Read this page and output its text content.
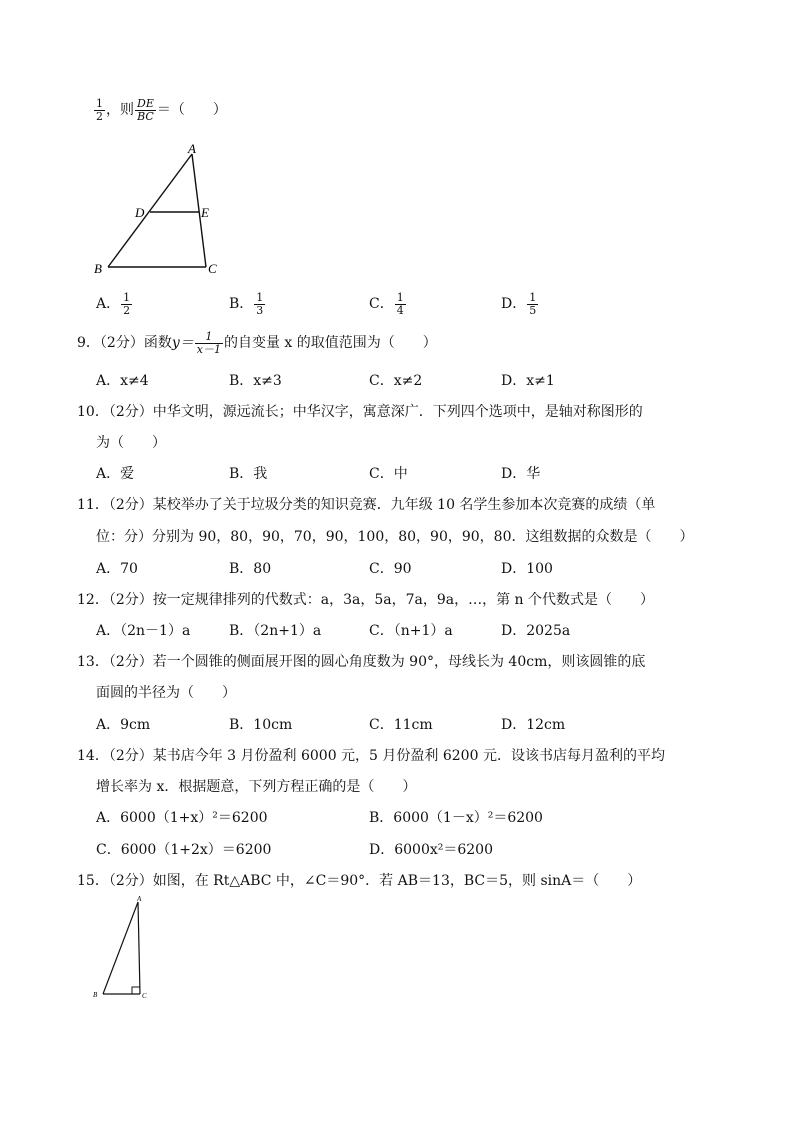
$\frac{1}{2}$ ，则 $\frac{DE}{BC}$ ＝（　　）
A
D	E
B	C
A． $\frac{1}{2}$	B． $\frac{1}{3}$	C． $\frac{1}{4}$	D． $\frac{1}{5}$
9．（2分）函数$y= \frac{1}{x-1}$ 的自变量 x 的取值范围为（　　）
A．x≠4	B．x≠3	C．x≠2	D．x≠1
10．（2分）中华文明，源远流长；中华汉字，寓意深广．下列四个选项中，是轴对称图形的
为（　　）
A．爱	B．我	C．中	D．华
11．（2分）某校举办了关于垃圾分类的知识竞赛．九年级 10 名学生参加本次竞赛的成绩（单
位：分）分别为 90，80，90，70，90，100，80，90，90，80．这组数据的众数是（　　）
A．70	B．80	C．90	D．100
12．（2分）按一定规律排列的代数式：a，3a，5a，7a，9a，…，第 n 个代数式是（　　）
A．（2n－1）a	B．（2n+1）a	C．（n+1）a	D．2025a
13．（2分）若一个圆锥的侧面展开图的圆心角度数为 90°，母线长为 40cm，则该圆锥的底
面圆的半径为（　　）
A．9cm	B．10cm	C．11cm	D．12cm
14．（2分）某书店今年 3 月份盈利 6000 元，5 月份盈利 6200 元．设该书店每月盈利的平均
增长率为 x．根据题意，下列方程正确的是（　　）
A．6000（1+x）²＝6200	B．6000（1－x）²＝6200
C．6000（1+2x）＝6200	D．6000x²＝6200
15．（2分）如图，在 Rt△ABC 中，∠C＝90°．若 AB＝13，BC＝5，则 sinA＝（　　）
A
B	C
